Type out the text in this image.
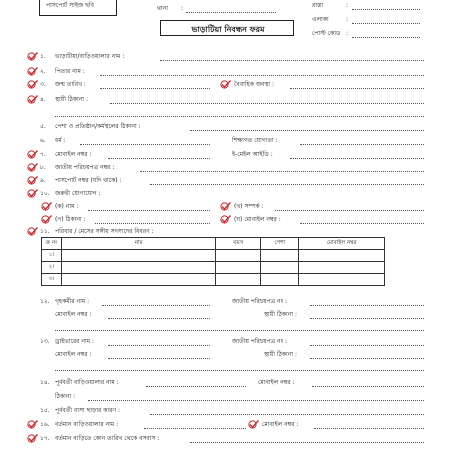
পাসপোর্ট সাইজ ছবি	থানা :	রাস্তা	:
এলাকা	:
পোস্ট কোড :
ভাড়াটিয়া নিবন্ধন ফরম
১. ভাড়াটিয়া/বাড়িওয়ালার নাম :
২. পিতার নাম :
৩. জন্ম তারিখ :	বৈবাহিক অবস্থা :
৪. স্থায়ী ঠিকানা :
৫. পেশা ও প্রতিষ্ঠান/কর্মস্থলের ঠিকানা :
৬. ধর্ম :	শিক্ষাগত যোগ্যতা :
৭. মোবাইল নম্বর :	ই-মেইল আইডি :
৮. জাতীয় পরিচয়পত্র নম্বর :
৯. পাসপোর্ট নম্বর (যদি থাকে) :
১০. জরুরী যোগাযোগ :
(ক) নাম :	(খ) সম্পর্ক :
(গ) ঠিকানা :	(ঘ) মোবাইল নম্বর :
১১. পরিবার / মেসের সঙ্গীয় সদস্যদের বিবরণ :
ক্র নং	নাম	বয়স	পেশা	মোবাইল নম্বর
১।				
২।				
৩।				
১২. গৃহকর্মীর নাম :	জাতীয় পরিচয়পত্র নং :
মোবাইল নম্বর :	স্থায়ী ঠিকানা :
১৩. ড্রাইভারের নাম :	জাতীয় পরিচয়পত্র নং :
মোবাইল নম্বর :	স্থায়ী ঠিকানা :
১৪. পূর্ববর্তী বাড়িওয়ালার নাম :	মোবাইল নম্বর :
ঠিকানা :
১৫. পূর্ববর্তী বাসা ছাড়ার কারণ :
১৬. বর্তমান বাড়িওয়ালার নাম :	মোবাইল নম্বর :
১৭. বর্তমান বাড়িতে কোন তারিখ থেকে বসবাস :
